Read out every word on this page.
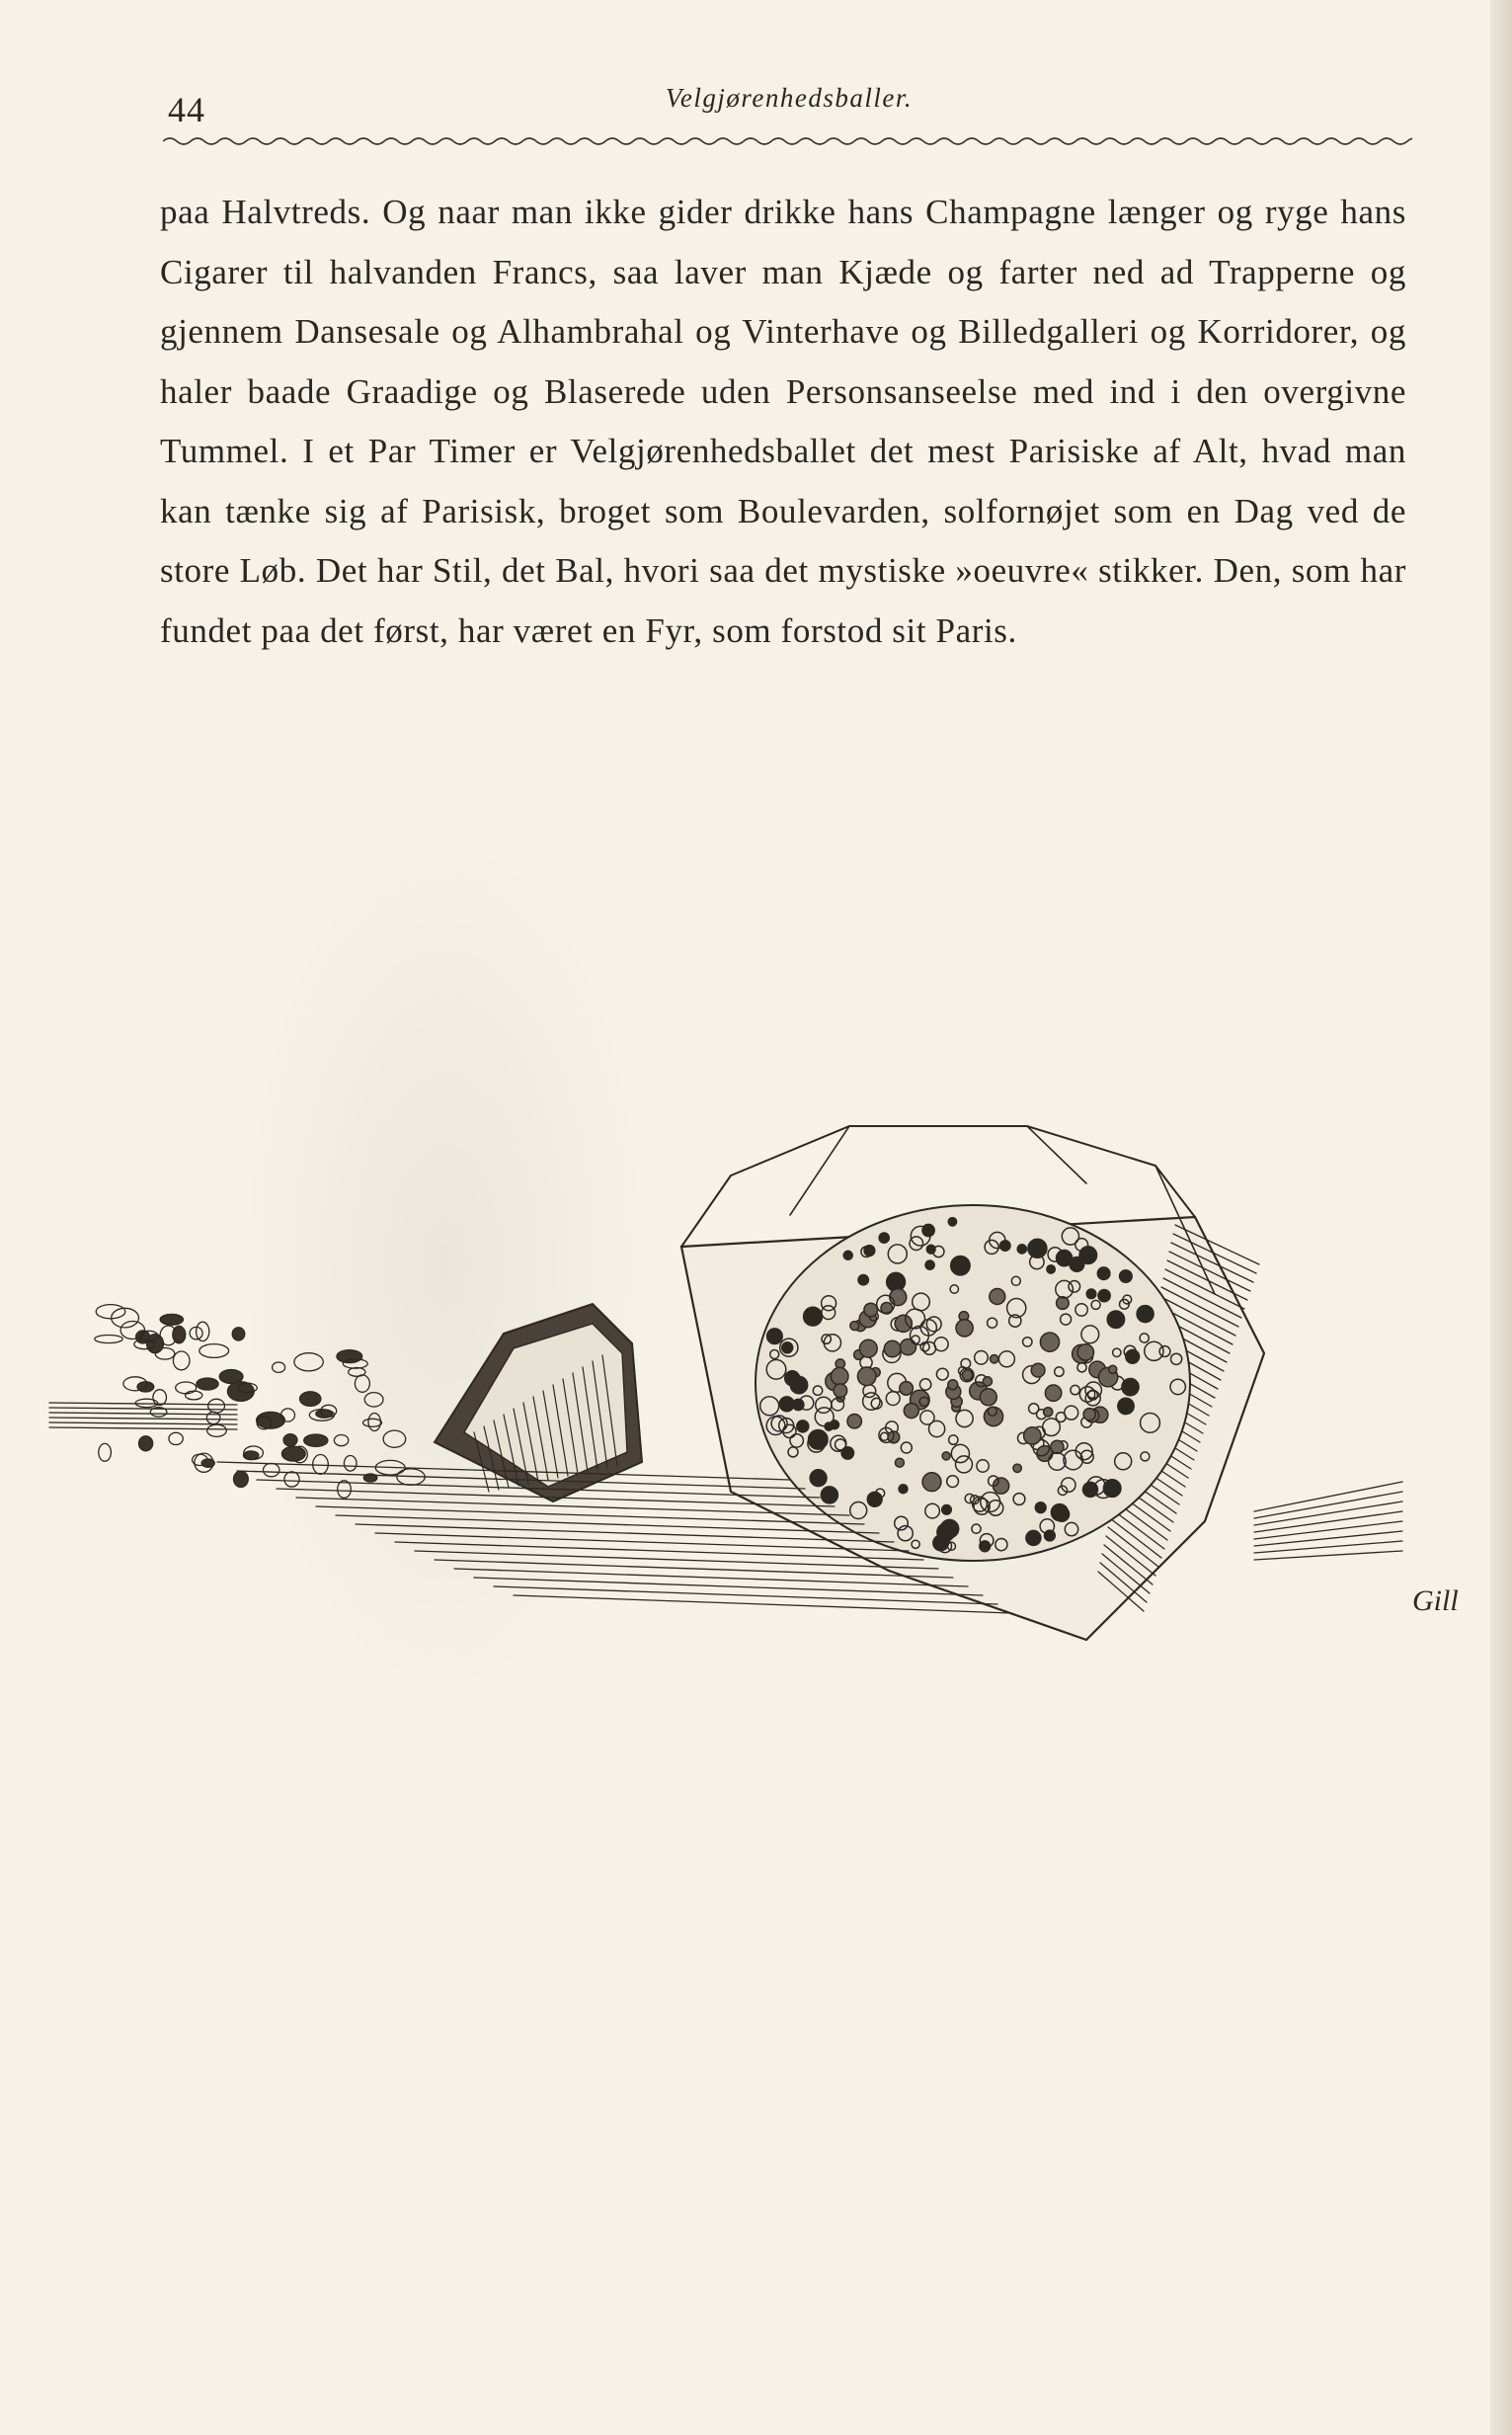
44	Velgjørenhedsballer.

paa Halvtreds. Og naar man ikke gider drikke hans Champagne længer og ryge hans Cigarer til halvanden Francs, saa laver man Kjæde og farter ned ad Trapperne og gjennem Dansesale og Alhambrahal og Vinterhave og Billedgalleri og Korridorer, og haler baade Graadige og Blaserede uden Personsanseelse med ind i den overgivne Tummel. I et Par Timer er Velgjørenhedsballet det mest Parisiske af Alt, hvad man kan tænke sig af Parisisk, broget som Boulevarden, solfornøjet som en Dag ved de store Løb. Det har Stil, det Bal, hvori saa det mystiske »oeuvre« stikker. Den, som har fundet paa det først, har været en Fyr, som forstod sit Paris.

Gill
